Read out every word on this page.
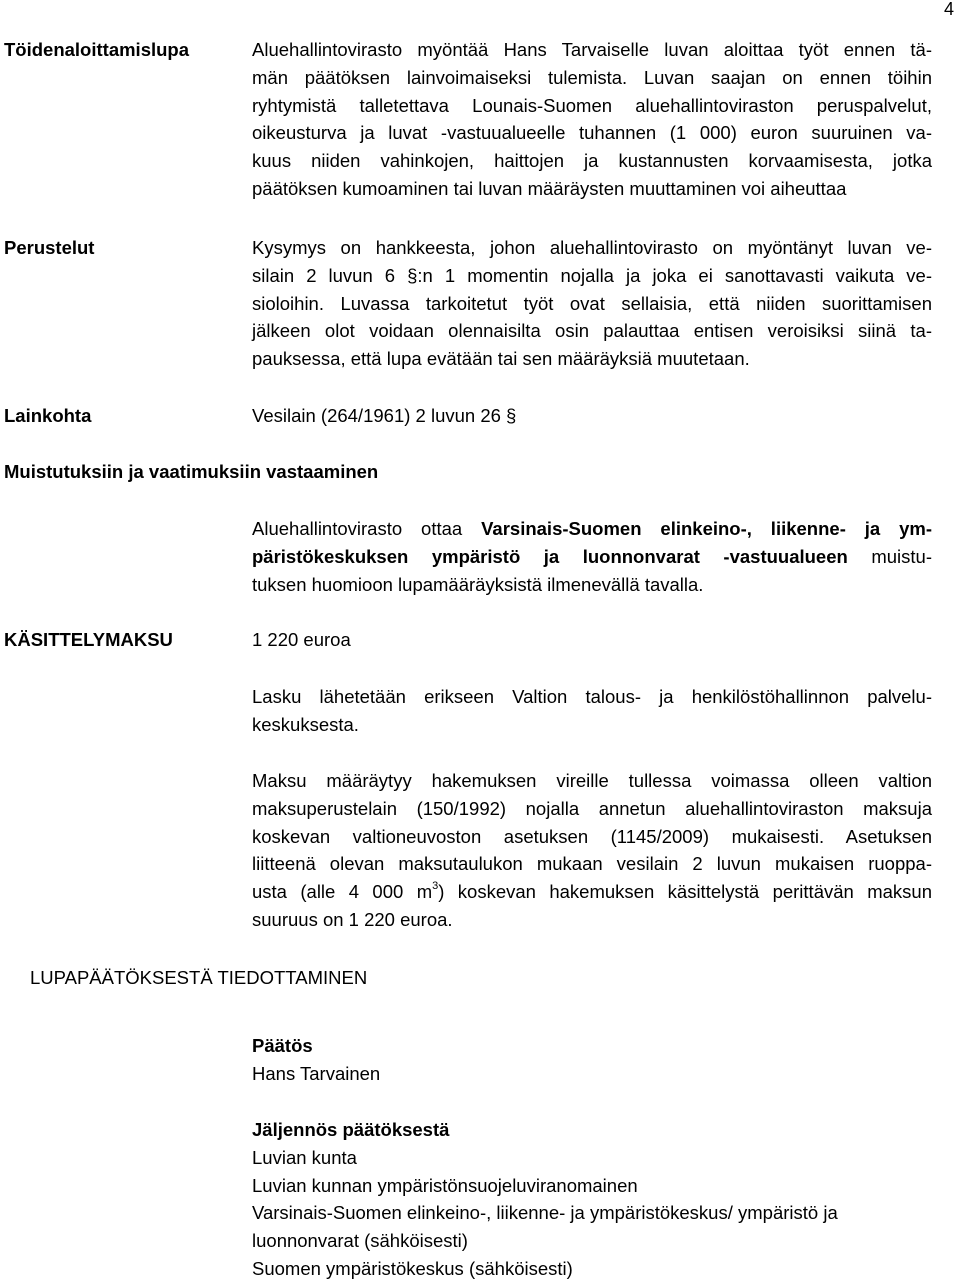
4
Töidenaloittamislupa	Aluehallintovirasto myöntää Hans Tarvaiselle luvan aloittaa työt ennen tä-
män päätöksen lainvoimaiseksi tulemista. Luvan saajan on ennen töihin
ryhtymistä talletettava Lounais-Suomen aluehallintoviraston peruspalvelut,
oikeusturva ja luvat -vastuualueelle tuhannen (1 000) euron suuruinen va-
kuus niiden vahinkojen, haittojen ja kustannusten korvaamisesta, jotka
päätöksen kumoaminen tai luvan määräysten muuttaminen voi aiheuttaa
Perustelut	Kysymys on hankkeesta, johon aluehallintovirasto on myöntänyt luvan ve-
silain 2 luvun 6 §:n 1 momentin nojalla ja joka ei sanottavasti vaikuta ve-
sioloihin. Luvassa tarkoitetut työt ovat sellaisia, että niiden suorittamisen
jälkeen olot voidaan olennaisilta osin palauttaa entisen veroisiksi siinä ta-
pauksessa, että lupa evätään tai sen määräyksiä muutetaan.
Lainkohta	Vesilain (264/1961) 2 luvun 26 §
Muistutuksiin ja vaatimuksiin vastaaminen
Aluehallintovirasto ottaa Varsinais-Suomen elinkeino-, liikenne- ja ym-
päristökeskuksen ympäristö ja luonnonvarat -vastuualueen muistu-
tuksen huomioon lupamääräyksistä ilmenevällä tavalla.
KÄSITTELYMAKSU	1 220 euroa
Lasku lähetetään erikseen Valtion talous- ja henkilöstöhallinnon palvelu-
keskuksesta.
Maksu määräytyy hakemuksen vireille tullessa voimassa olleen valtion
maksuperustelain (150/1992) nojalla annetun aluehallintoviraston maksuja
koskevan valtioneuvoston asetuksen (1145/2009) mukaisesti. Asetuksen
liitteenä olevan maksutaulukon mukaan vesilain 2 luvun mukaisen ruoppa-
usta (alle 4 000 $m^3$) koskevan hakemuksen käsittelystä perittävän maksun
suuruus on 1 220 euroa.
LUPAPÄÄTÖKSESTÄ TIEDOTTAMINEN
Päätös
Hans Tarvainen
Jäljennös päätöksestä
Luvian kunta
Luvian kunnan ympäristönsuojeluviranomainen
Varsinais-Suomen elinkeino-, liikenne- ja ympäristökeskus/ ympäristö ja
luonnonvarat (sähköisesti)
Suomen ympäristökeskus (sähköisesti)
